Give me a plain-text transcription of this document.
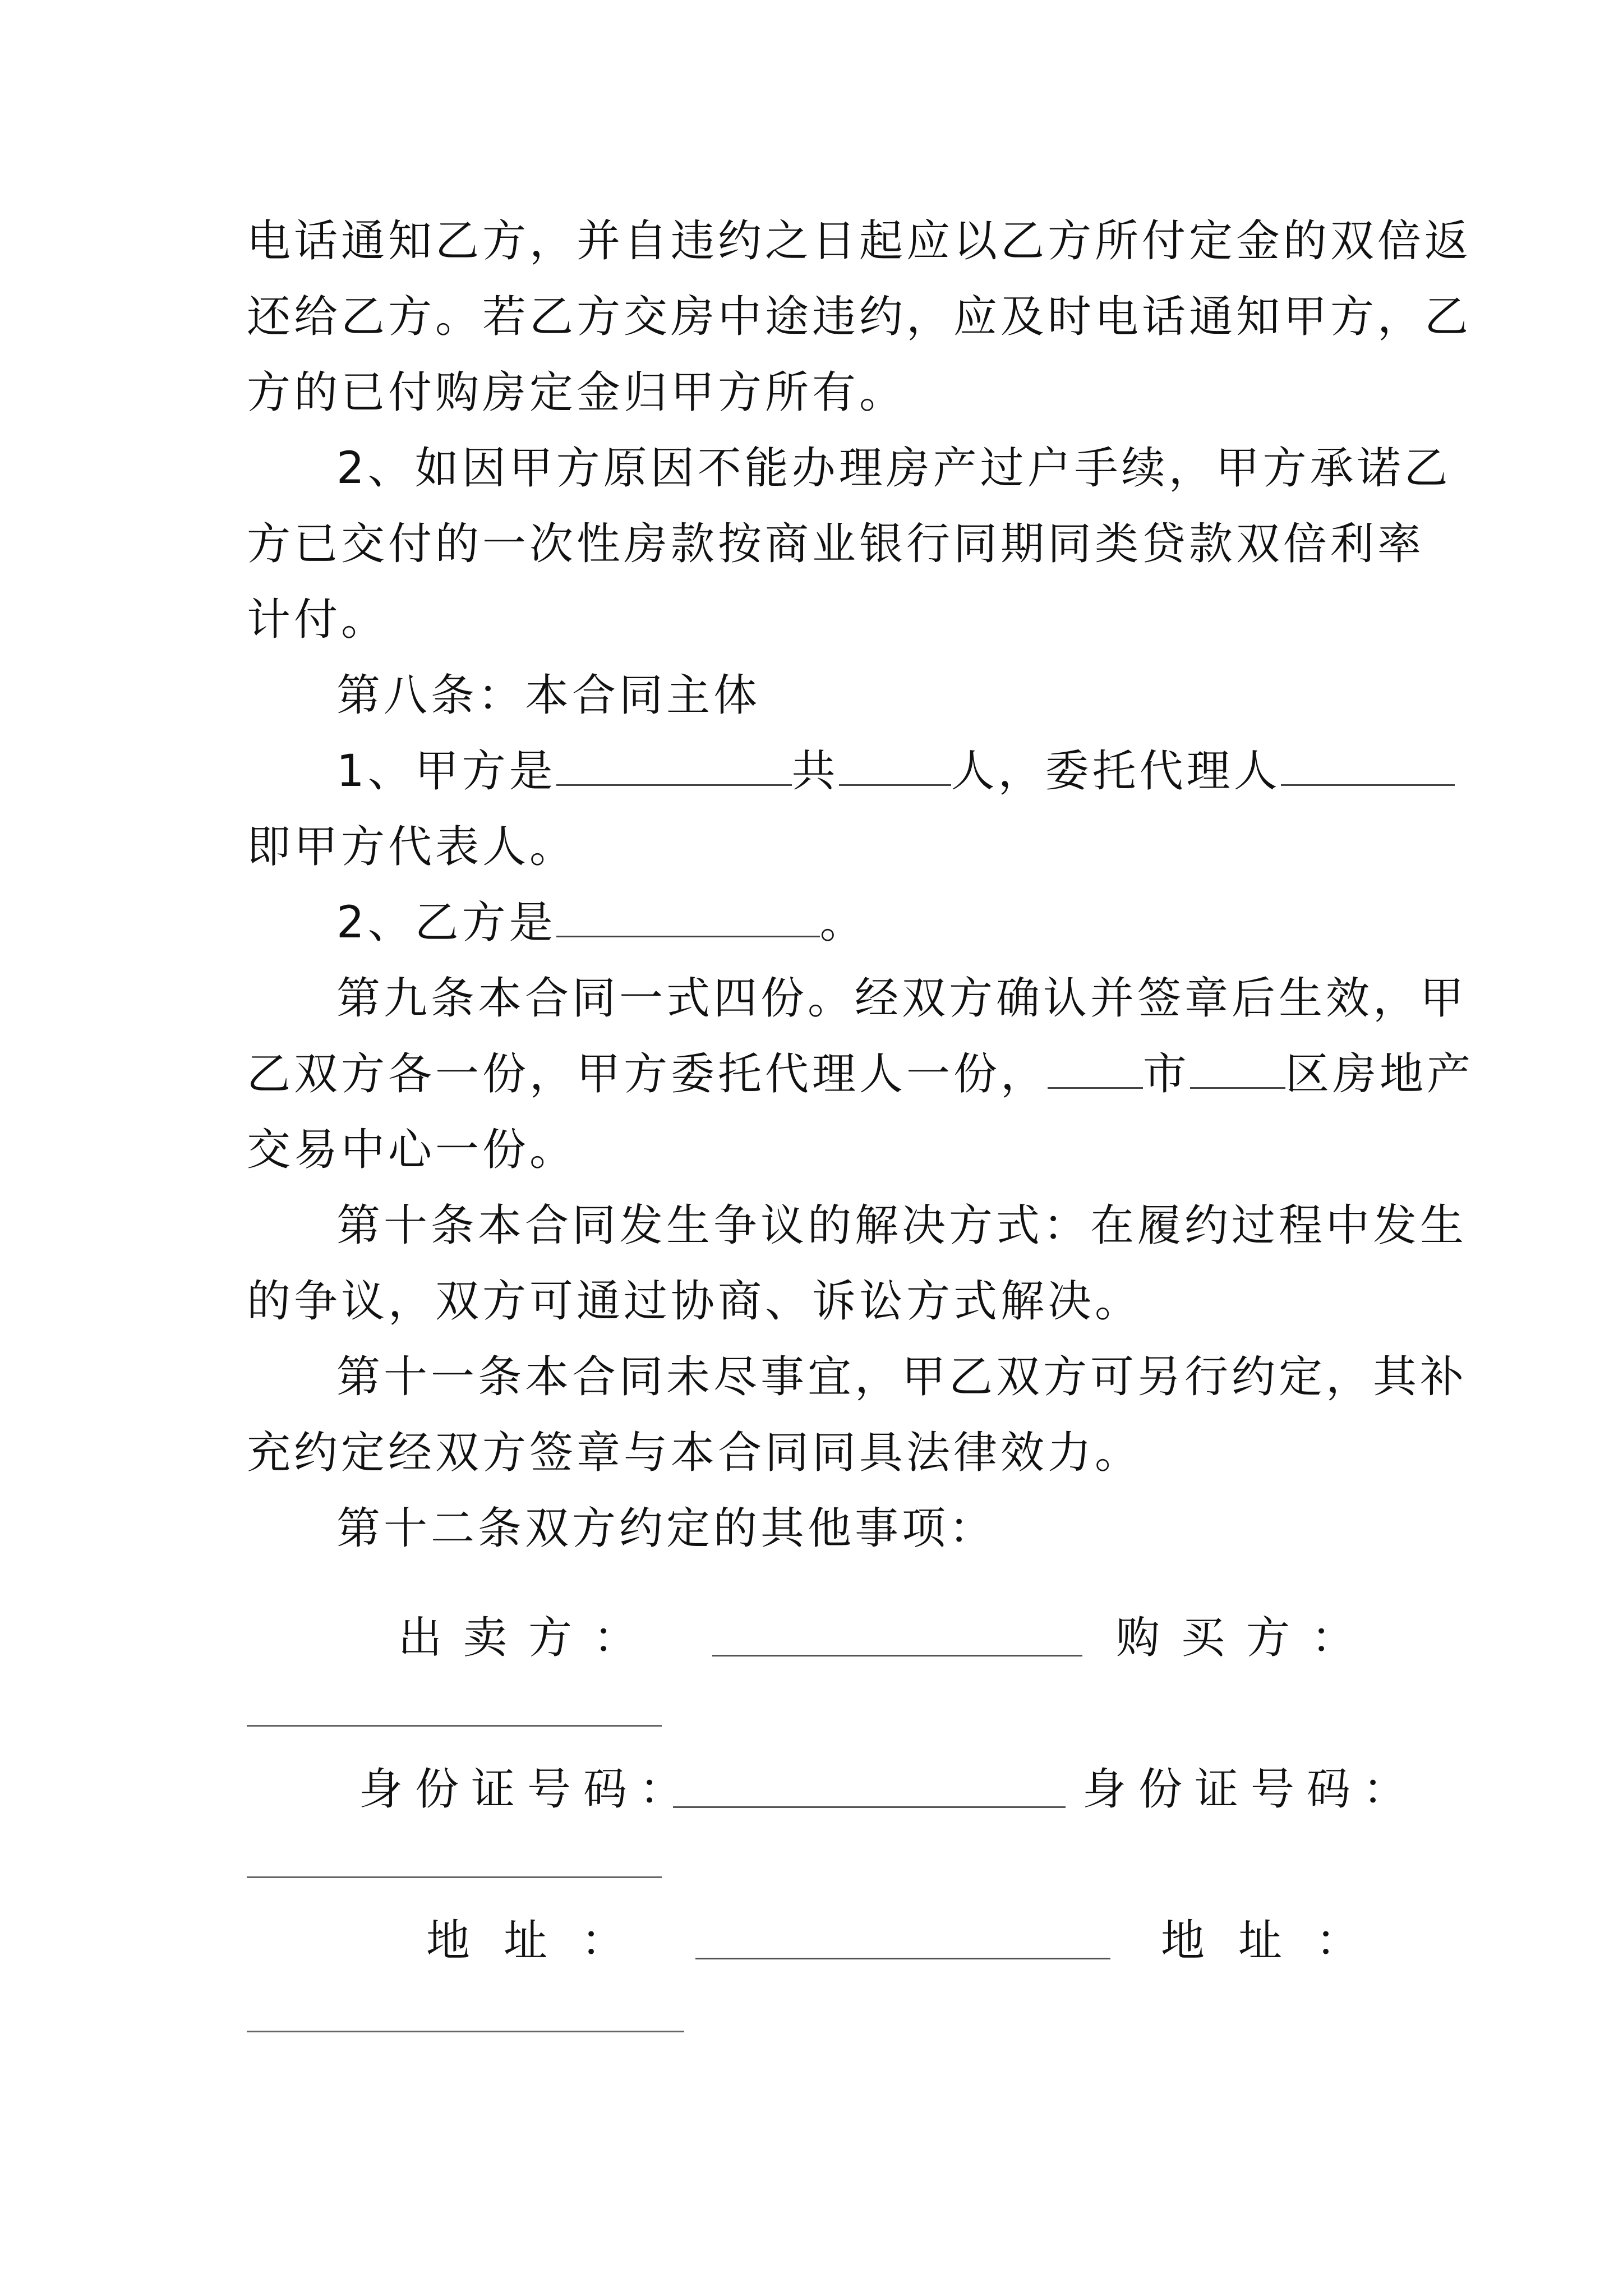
电话通知乙方，并自违约之日起应以乙方所付定金的双倍返
还给乙方。若乙方交房中途违约，应及时电话通知甲方，乙
方的已付购房定金归甲方所有。
2、如因甲方原因不能办理房产过户手续，甲方承诺乙
方已交付的一次性房款按商业银行同期同类贷款双倍利率
计付。
第八条：本合同主体
1、甲方是	共	人，委托代理人
即甲方代表人。
2、乙方是	。
第九条本合同一式四份。经双方确认并签章后生效，甲
乙双方各一份，甲方委托代理人一份， 市 区房地产
交易中心一份。
第十条本合同发生争议的解决方式：在履约过程中发生
的争议，双方可通过协商、诉讼方式解决。
第十一条本合同未尽事宜，甲乙双方可另行约定，其补
充约定经双方签章与本合同同具法律效力。
第十二条双方约定的其他事项：
出卖方：	购买方：
身份证号码：	身份证号码：
地址：	地址：
